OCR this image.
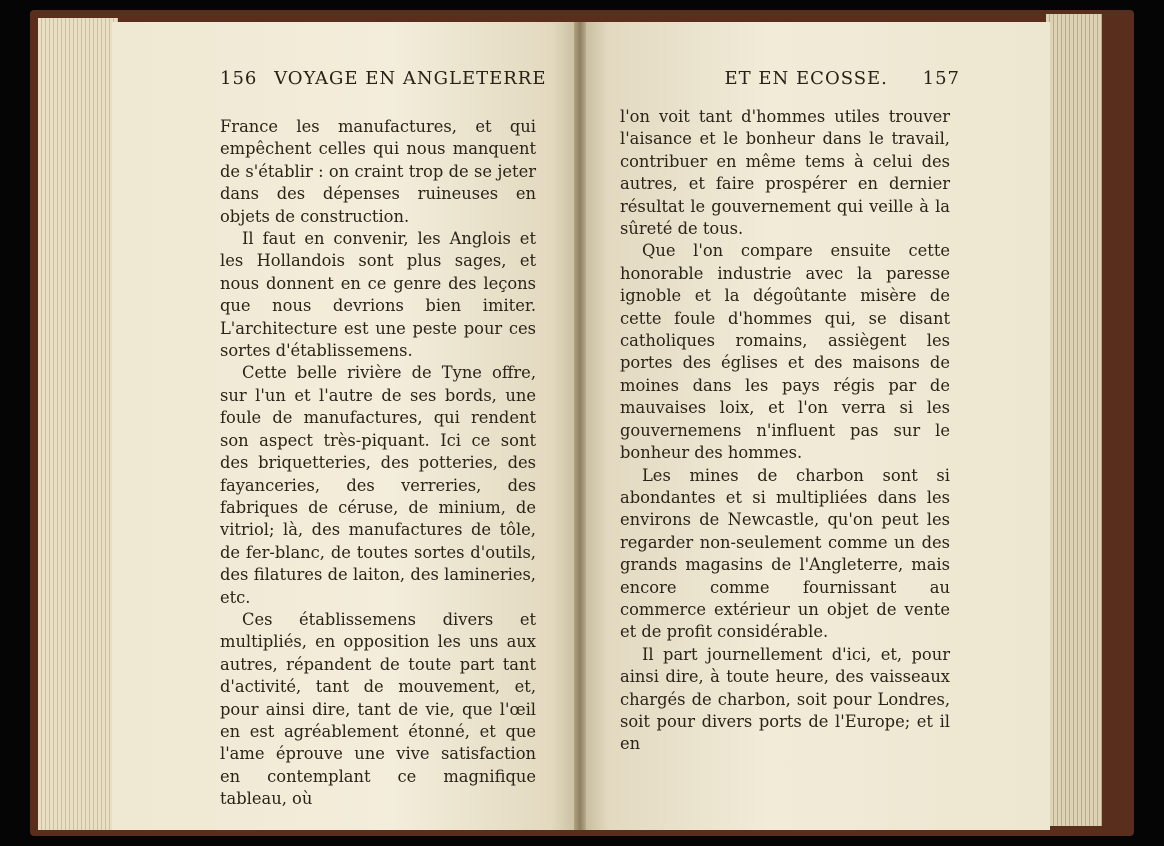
156 VOYAGE EN ANGLETERRE	ET EN ECOSSE. 157

France les manufactures, et qui empêchent celles qui nous manquent de s'établir : on craint trop de se jeter dans des dépenses ruineuses en objets de construction.

Il faut en convenir, les Anglois et les Hollandois sont plus sages, et nous donnent en ce genre des leçons que nous devrions bien imiter. L'architecture est une peste pour ces sortes d'établissemens.

Cette belle rivière de Tyne offre, sur l'un et l'autre de ses bords, une foule de manufactures, qui rendent son aspect très-piquant. Ici ce sont des briquetteries, des potteries, des fayanceries, des verreries, des fabriques de céruse, de minium, de vitriol; là, des manufactures de tôle, de fer-blanc, de toutes sortes d'outils, des filatures de laiton, des lamineries, etc.

Ces établissemens divers et multipliés, en opposition les uns aux autres, répandent de toute part tant d'activité, tant de mouvement, et, pour ainsi dire, tant de vie, que l'œil en est agréablement étonné, et que l'ame éprouve une vive satisfaction en contemplant ce magnifique tableau, où

l'on voit tant d'hommes utiles trouver l'aisance et le bonheur dans le travail, contribuer en même tems à celui des autres, et faire prospérer en dernier résultat le gouvernement qui veille à la sûreté de tous.

Que l'on compare ensuite cette honorable industrie avec la paresse ignoble et la dégoûtante misère de cette foule d'hommes qui, se disant catholiques romains, assiègent les portes des églises et des maisons de moines dans les pays régis par de mauvaises loix, et l'on verra si les gouvernemens n'influent pas sur le bonheur des hommes.

Les mines de charbon sont si abondantes et si multipliées dans les environs de Newcastle, qu'on peut les regarder non-seulement comme un des grands magasins de l'Angleterre, mais encore comme fournissant au commerce extérieur un objet de vente et de profit considérable.

Il part journellement d'ici, et, pour ainsi dire, à toute heure, des vaisseaux chargés de charbon, soit pour Londres, soit pour divers ports de l'Europe; et il en
